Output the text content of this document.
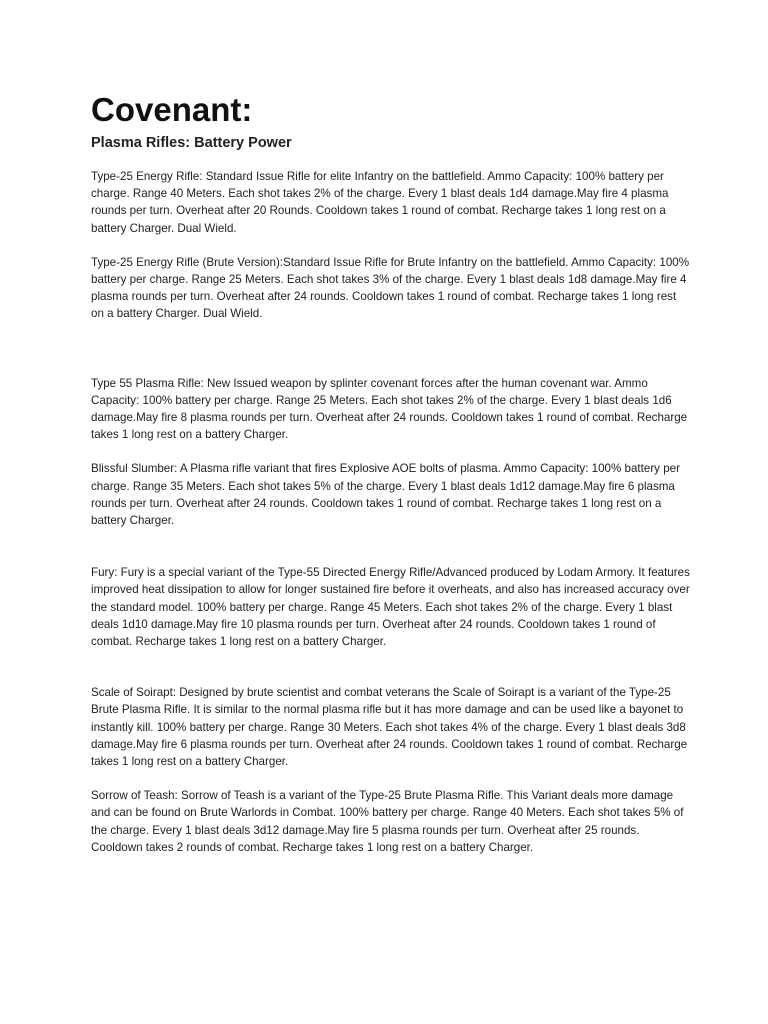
Covenant:
Plasma Rifles: Battery Power

Type-25 Energy Rifle: Standard Issue Rifle for elite Infantry on the battlefield. Ammo Capacity: 100% battery per charge. Range 40 Meters. Each shot takes 2% of the charge. Every 1 blast deals 1d4 damage.May fire 4 plasma rounds per turn. Overheat after 20 Rounds. Cooldown takes 1 round of combat. Recharge takes 1 long rest on a battery Charger. Dual Wield.

Type-25 Energy Rifle (Brute Version):Standard Issue Rifle for Brute Infantry on the battlefield. Ammo Capacity: 100% battery per charge. Range 25 Meters. Each shot takes 3% of the charge. Every 1 blast deals 1d8 damage.May fire 4 plasma rounds per turn. Overheat after 24 rounds. Cooldown takes 1 round of combat. Recharge takes 1 long rest on a battery Charger. Dual Wield.

Type 55 Plasma Rifle: New Issued weapon by splinter covenant forces after the human covenant war. Ammo Capacity: 100% battery per charge. Range 25 Meters. Each shot takes 2% of the charge. Every 1 blast deals 1d6 damage.May fire 8 plasma rounds per turn. Overheat after 24 rounds. Cooldown takes 1 round of combat. Recharge takes 1 long rest on a battery Charger.

Blissful Slumber: A Plasma rifle variant that fires Explosive AOE bolts of plasma. Ammo Capacity: 100% battery per charge. Range 35 Meters. Each shot takes 5% of the charge. Every 1 blast deals 1d12 damage.May fire 6 plasma rounds per turn. Overheat after 24 rounds. Cooldown takes 1 round of combat. Recharge takes 1 long rest on a battery Charger.

Fury: Fury is a special variant of the Type-55 Directed Energy Rifle/Advanced produced by Lodam Armory. It features improved heat dissipation to allow for longer sustained fire before it overheats, and also has increased accuracy over the standard model. 100% battery per charge. Range 45 Meters. Each shot takes 2% of the charge. Every 1 blast deals 1d10 damage.May fire 10 plasma rounds per turn. Overheat after 24 rounds. Cooldown takes 1 round of combat. Recharge takes 1 long rest on a battery Charger.

Scale of Soirapt: Designed by brute scientist and combat veterans the Scale of Soirapt is a variant of the Type-25 Brute Plasma Rifle. It is similar to the normal plasma rifle but it has more damage and can be used like a bayonet to instantly kill. 100% battery per charge. Range 30 Meters. Each shot takes 4% of the charge. Every 1 blast deals 3d8 damage.May fire 6 plasma rounds per turn. Overheat after 24 rounds. Cooldown takes 1 round of combat. Recharge takes 1 long rest on a battery Charger.

Sorrow of Teash: Sorrow of Teash is a variant of the Type-25 Brute Plasma Rifle. This Variant deals more damage and can be found on Brute Warlords in Combat. 100% battery per charge. Range 40 Meters. Each shot takes 5% of the charge. Every 1 blast deals 3d12 damage.May fire 5 plasma rounds per turn. Overheat after 25 rounds. Cooldown takes 2 rounds of combat. Recharge takes 1 long rest on a battery Charger.
